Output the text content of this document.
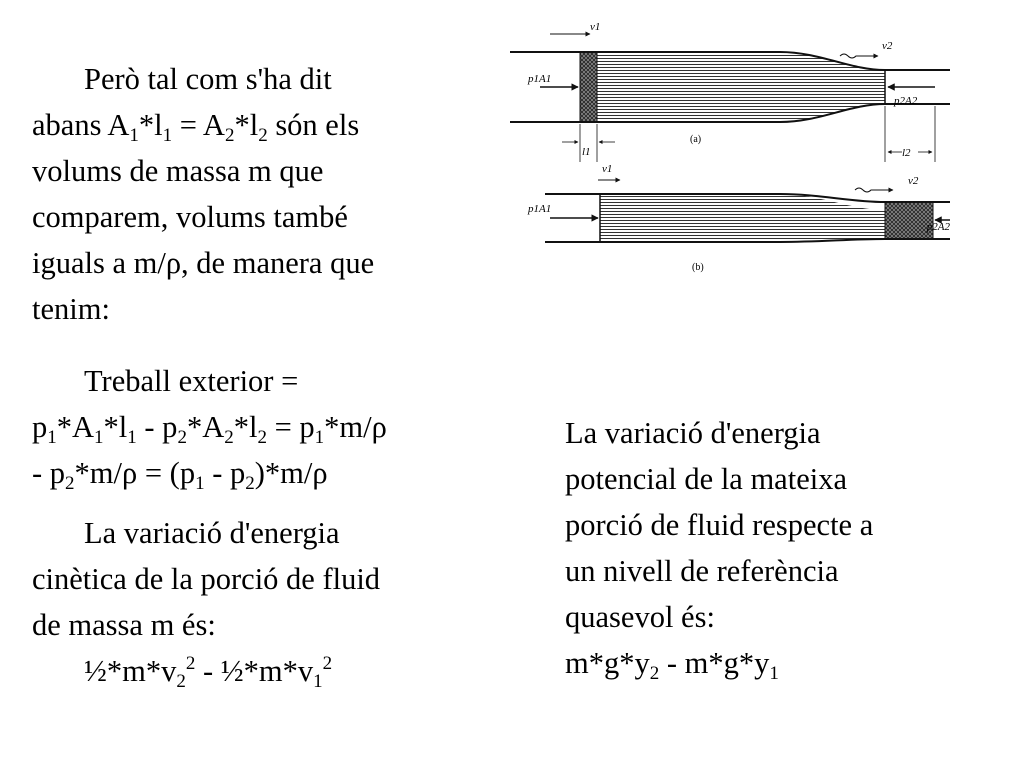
Però tal com s'ha dit
abans $A_1*l_1 = A_2*l_2$ són els
volums de massa m que
comparem, volums també
iguals a m/ρ, de manera que
tenim:
Treball exterior =
$p_1*A_1*l_1 - p_2*A_2*l_2 = p_1*m/\rho$
- $p_2*m/\rho = (p_1 - p_2)*m/\rho$
La variació d'energia
cinètica de la porció de fluid
de massa m és:
$\frac{1}{2}*m*v_2^2$ - $\frac{1}{2}*m*v_1^2$
La variació d'energia
potencial de la mateixa
porció de fluid respecte a
un nivell de referència
quasevol és:
$m*g*y_2 - m*g*y_1$
v1
v2
p1A1
p2A2
l1	l2
(a)
v1
v2
p1A1
p2A2
(b)
